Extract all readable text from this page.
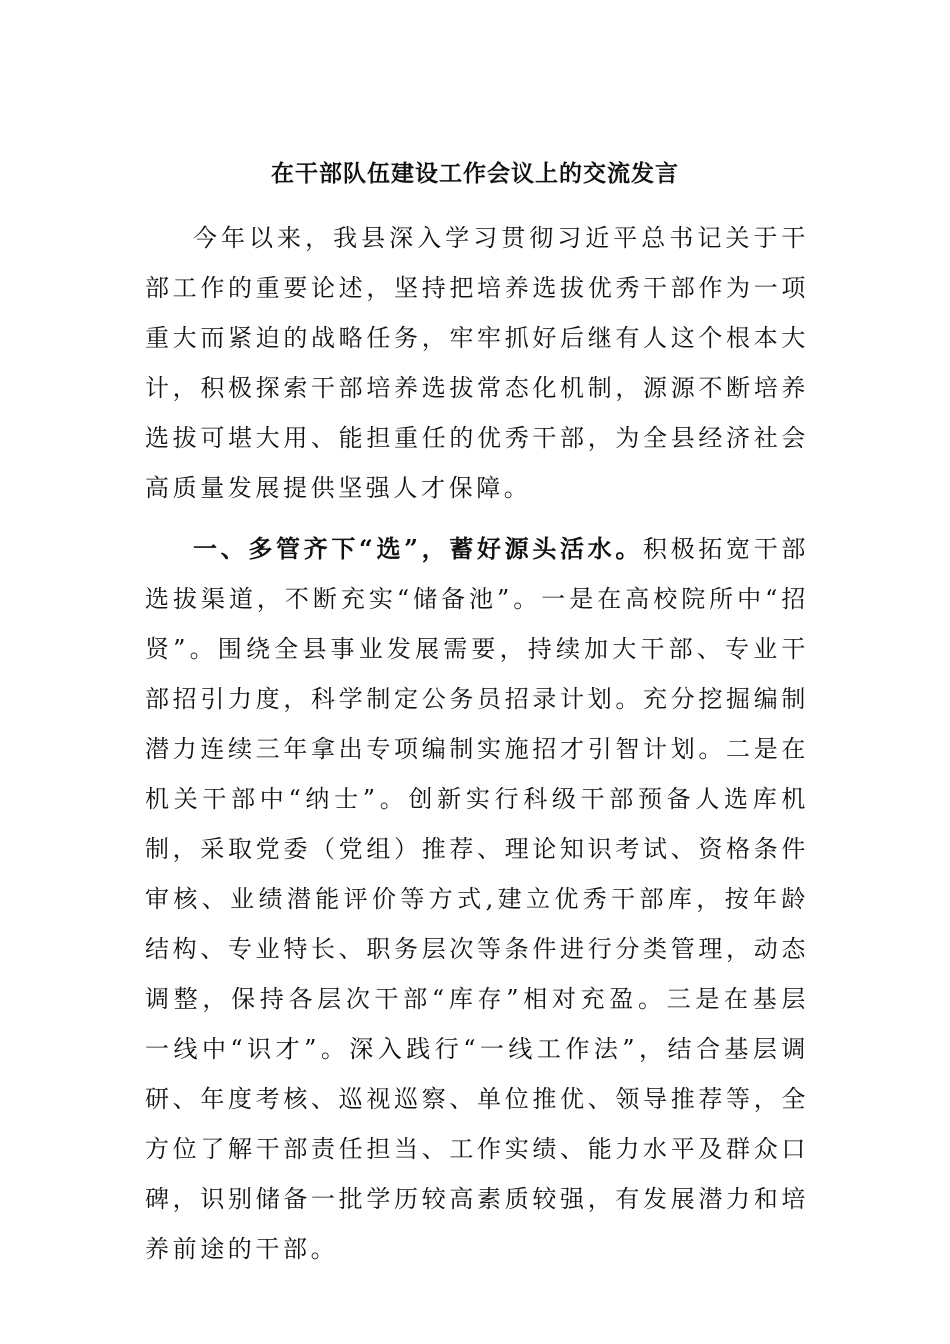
在干部队伍建设工作会议上的交流发言

今年以来，我县深入学习贯彻习近平总书记关于干部工作的重要论述，坚持把培养选拔优秀干部作为一项重大而紧迫的战略任务，牢牢抓好后继有人这个根本大计，积极探索干部培养选拔常态化机制，源源不断培养选拔可堪大用、能担重任的优秀干部，为全县经济社会高质量发展提供坚强人才保障。

一、多管齐下“选”，蓄好源头活水。积极拓宽干部选拔渠道，不断充实“储备池”。一是在高校院所中“招贤”。围绕全县事业发展需要，持续加大干部、专业干部招引力度，科学制定公务员招录计划。充分挖掘编制潜力连续三年拿出专项编制实施招才引智计划。二是在机关干部中“纳士”。创新实行科级干部预备人选库机制，采取党委（党组）推荐、理论知识考试、资格条件审核、业绩潜能评价等方式,建立优秀干部库，按年龄结构、专业特长、职务层次等条件进行分类管理，动态调整，保持各层次干部“库存”相对充盈。三是在基层一线中“识才”。深入践行“一线工作法”，结合基层调研、年度考核、巡视巡察、单位推优、领导推荐等，全方位了解干部责任担当、工作实绩、能力水平及群众口碑，识别储备一批学历较高素质较强，有发展潜力和培养前途的干部。
